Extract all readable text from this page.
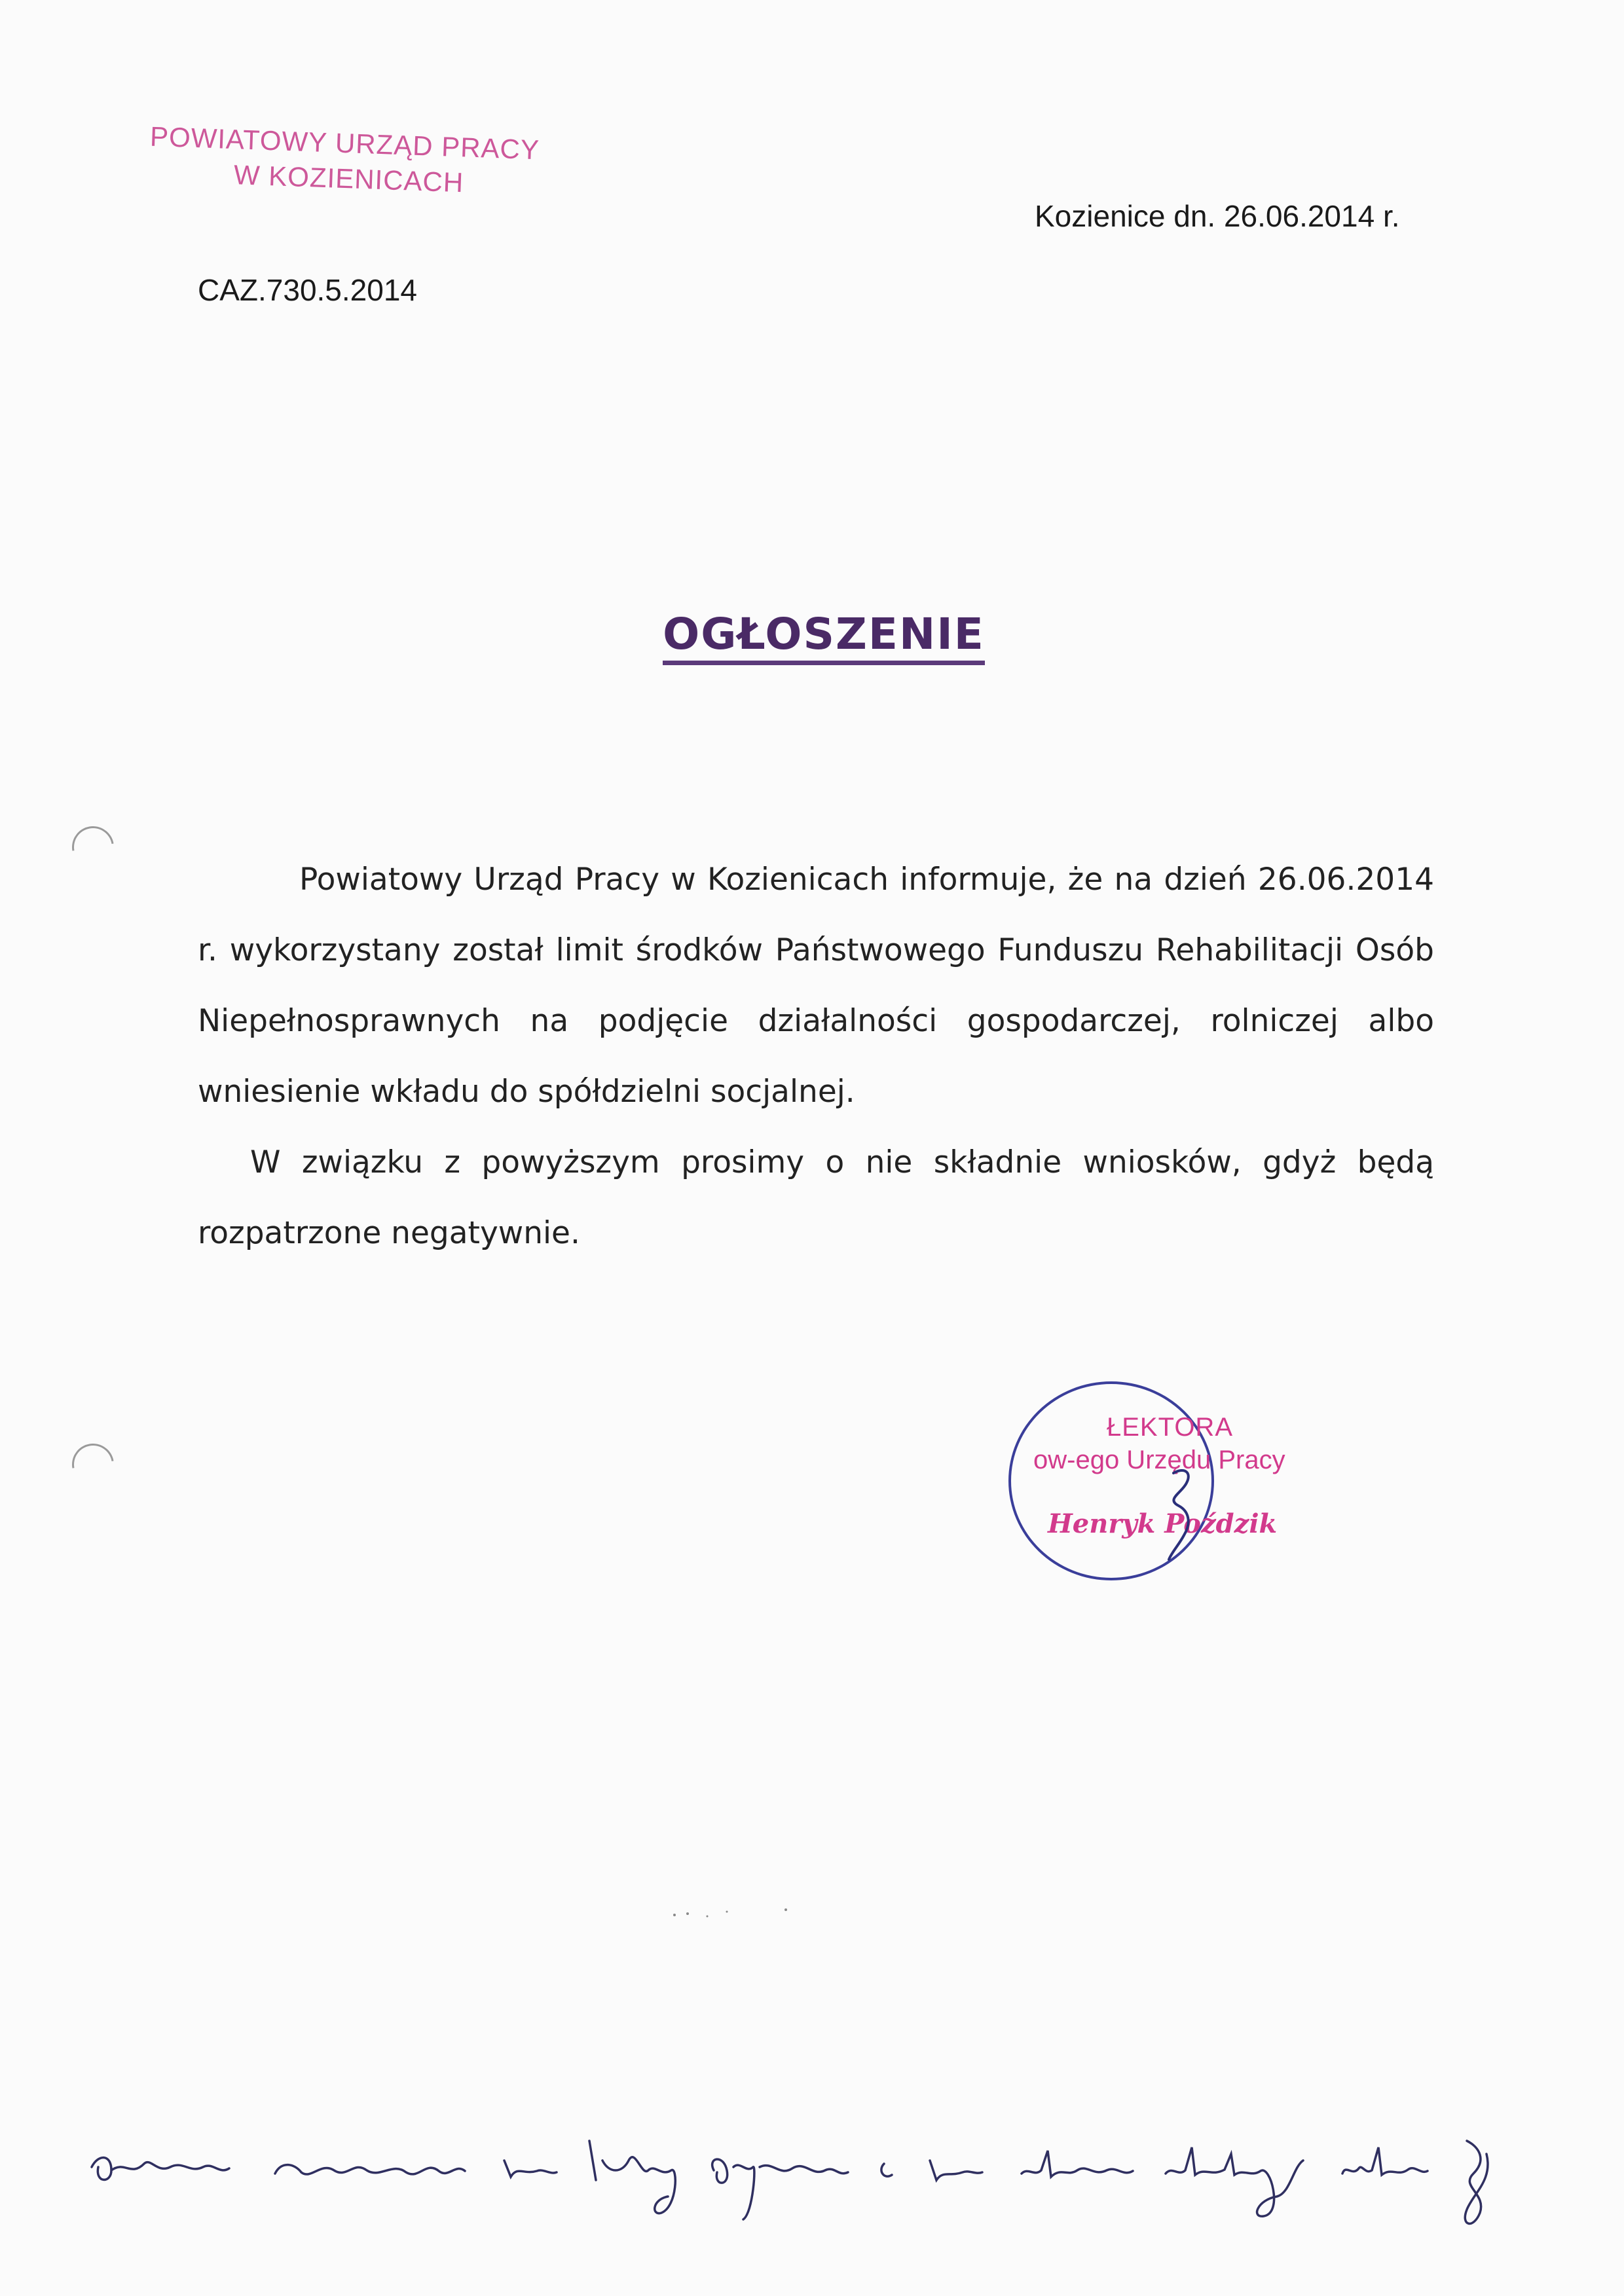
POWIATOWY URZĄD PRACY
W KOZIENICACH
Kozienice dn. 26.06.2014 r.
CAZ.730.5.2014
OGŁOSZENIE

Powiatowy Urząd Pracy w Kozienicach informuje, że na dzień 26.06.2014 r. wykorzystany został limit środków Państwowego Funduszu Rehabilitacji Osób Niepełnosprawnych na podjęcie działalności gospodarczej, rolniczej albo wniesienie wkładu do spółdzielni socjalnej.

W związku z powyższym prosimy o nie składnie wniosków, gdyż będą rozpatrzone negatywnie.

ŁEKTORA
ow-ego Urzędu Pracy
Henryk Poździk
